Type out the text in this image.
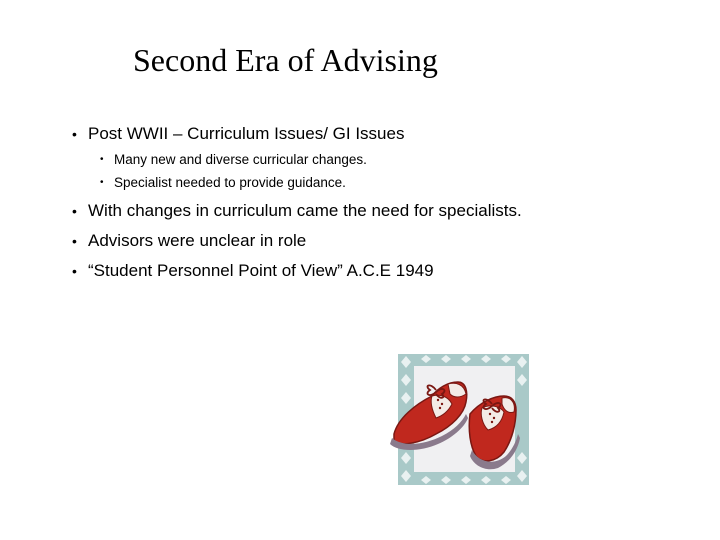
Second Era of Advising
• Post WWII – Curriculum Issues/ GI Issues
• Many new and diverse curricular changes.
• Specialist needed to provide guidance.
• With changes in curriculum came the need for specialists.
• Advisors were unclear in role
• “Student Personnel Point of View” A.C.E 1949
